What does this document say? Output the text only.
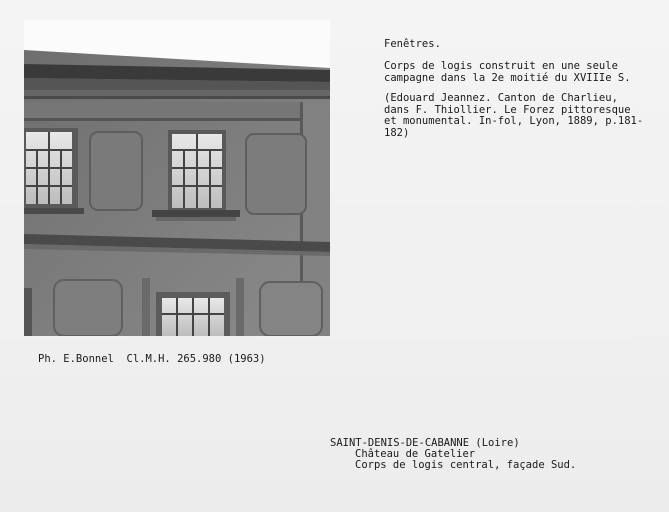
Fenêtres.
Corps de logis construit en une seule
campagne dans la 2e moitié du XVIIIe S.
(Edouard Jeannez. Canton de Charlieu,
dans F. Thiollier. Le Forez pittoresque
et monumental. In-fol, Lyon, 1889, p.181-
182)
Ph. E.Bonnel  Cl.M.H. 265.980 (1963)
SAINT-DENIS-DE-CABANNE (Loire)
Château de Gatelier
Corps de logis central, façade Sud.
